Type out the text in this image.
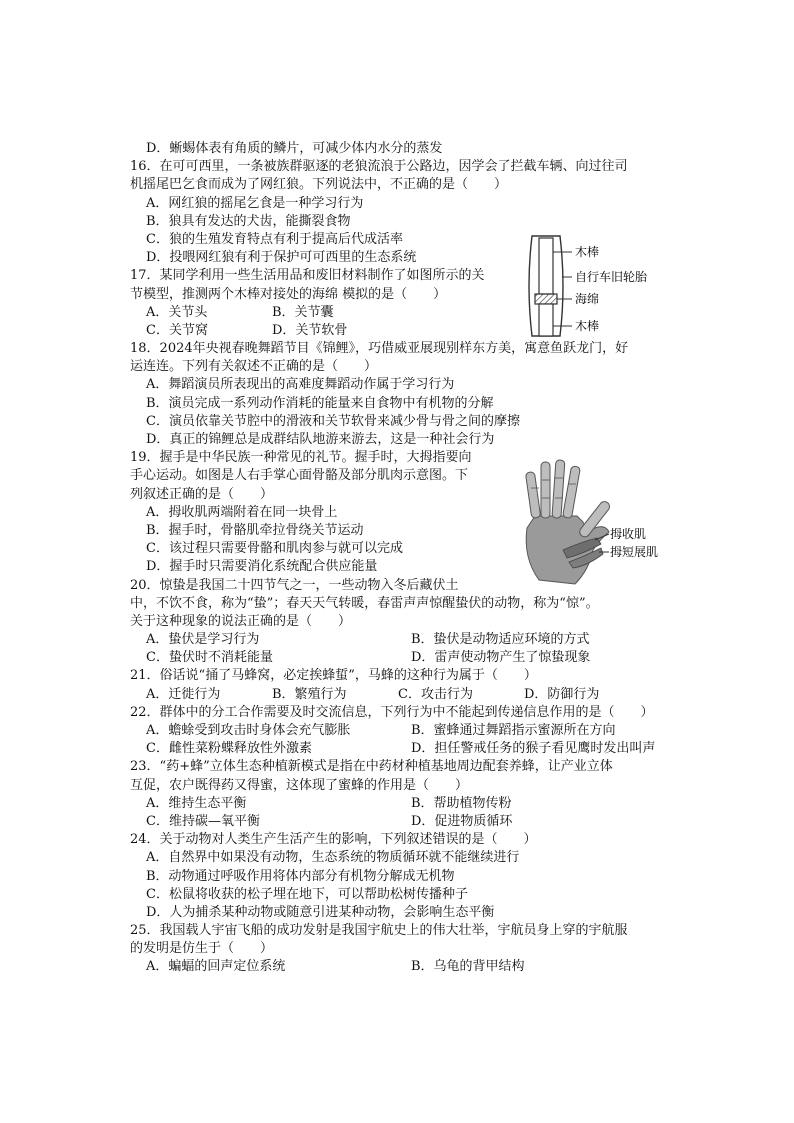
D．蜥蜴体表有角质的鳞片，可减少体内水分的蒸发
16．在可可西里，一条被族群驱逐的老狼流浪于公路边，因学会了拦截车辆、向过往司
机摇尾巴乞食而成为了网红狼。下列说法中，不正确的是（　　）
A．网红狼的摇尾乞食是一种学习行为
B．狼具有发达的犬齿，能撕裂食物
C．狼的生殖发育特点有利于提高后代成活率
D．投喂网红狼有利于保护可可西里的生态系统
17．某同学利用一些生活用品和废旧材料制作了如图所示的关
节模型，推测两个木棒对接处的海绵 模拟的是（　　）
A．关节头	B．关节囊
C．关节窝	D．关节软骨
18．2024年央视春晚舞蹈节目《锦鲤》，巧借威亚展现别样东方美，寓意鱼跃龙门，好
运连连。下列有关叙述不正确的是（　　）
A．舞蹈演员所表现出的高难度舞蹈动作属于学习行为
B．演员完成一系列动作消耗的能量来自食物中有机物的分解
C．演员依靠关节腔中的滑液和关节软骨来减少骨与骨之间的摩擦
D．真正的锦鲤总是成群结队地游来游去，这是一种社会行为
19．握手是中华民族一种常见的礼节。握手时，大拇指要向
手心运动。如图是人右手掌心面骨骼及部分肌肉示意图。下
列叙述正确的是（　　）
A．拇收肌两端附着在同一块骨上
B．握手时，骨骼肌牵拉骨绕关节运动
C．该过程只需要骨骼和肌肉参与就可以完成
D．握手时只需要消化系统配合供应能量
20．惊蛰是我国二十四节气之一，一些动物入冬后藏伏土
中，不饮不食，称为“蛰”；春天天气转暖，春雷声声惊醒蛰伏的动物，称为“惊”。
关于这种现象的说法正确的是（　　）
A．蛰伏是学习行为	B．蛰伏是动物适应环境的方式
C．蛰伏时不消耗能量	D．雷声使动物产生了惊蛰现象
21．俗话说“捅了马蜂窝，必定挨蜂蜇”，马蜂的这种行为属于（　　）
A．迁徙行为	B．繁殖行为	C．攻击行为	D．防御行为
22．群体中的分工合作需要及时交流信息，下列行为中不能起到传递信息作用的是（　　）
A．蟾蜍受到攻击时身体会充气膨胀	B．蜜蜂通过舞蹈指示蜜源所在方向
C．雌性菜粉蝶释放性外激素	D．担任警戒任务的猴子看见鹰时发出叫声
23．“药+蜂”立体生态种植新模式是指在中药材种植基地周边配套养蜂，让产业立体
互促，农户既得药又得蜜，这体现了蜜蜂的作用是（　　）
A．维持生态平衡	B．帮助植物传粉
C．维持碳—氧平衡	D．促进物质循环
24．关于动物对人类生产生活产生的影响，下列叙述错误的是（　　）
A．自然界中如果没有动物，生态系统的物质循环就不能继续进行
B．动物通过呼吸作用将体内部分有机物分解成无机物
C．松鼠将收获的松子埋在地下，可以帮助松树传播种子
D．人为捕杀某种动物或随意引进某种动物，会影响生态平衡
25．我国载人宇宙飞船的成功发射是我国宇航史上的伟大壮举，宇航员身上穿的宇航服
的发明是仿生于（　　）
A．蝙蝠的回声定位系统	B．乌龟的背甲结构
木棒
自行车旧轮胎
海绵
木棒
拇收肌
拇短展肌
